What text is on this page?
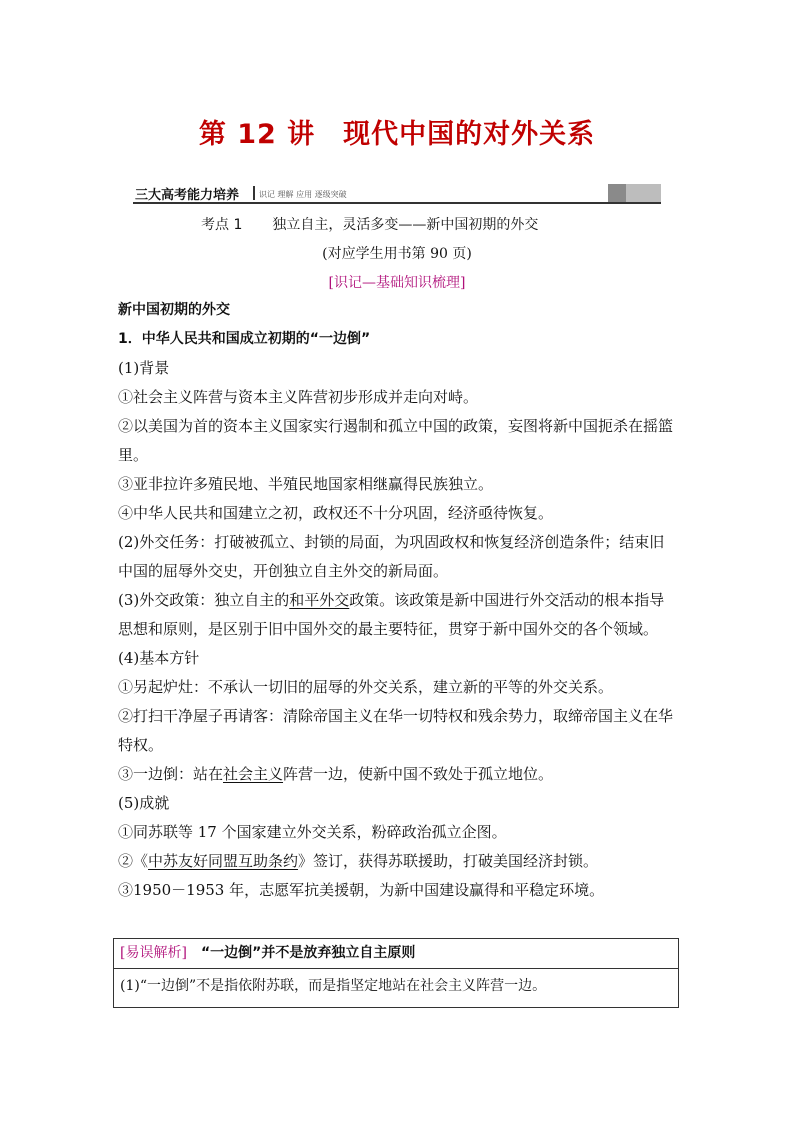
第 12 讲　现代中国的对外关系
三大高考能力培养 识记 理解 应用 逐级突破
考点 1 独立自主，灵活多变——新中国初期的外交
(对应学生用书第 90 页)
[识记—基础知识梳理]

新中国初期的外交

1．中华人民共和国成立初期的“一边倒”

(1)背景

①社会主义阵营与资本主义阵营初步形成并走向对峙。

②以美国为首的资本主义国家实行遏制和孤立中国的政策，妄图将新中国扼杀在摇篮里。

③亚非拉许多殖民地、半殖民地国家相继赢得民族独立。

④中华人民共和国建立之初，政权还不十分巩固，经济亟待恢复。

(2)外交任务：打破被孤立、封锁的局面，为巩固政权和恢复经济创造条件；结束旧中国的屈辱外交史，开创独立自主外交的新局面。

(3)外交政策：独立自主的和平外交政策。该政策是新中国进行外交活动的根本指导思想和原则，是区别于旧中国外交的最主要特征，贯穿于新中国外交的各个领域。

(4)基本方针

①另起炉灶：不承认一切旧的屈辱的外交关系，建立新的平等的外交关系。

②打扫干净屋子再请客：清除帝国主义在华一切特权和残余势力，取缔帝国主义在华特权。

③一边倒：站在社会主义阵营一边，使新中国不致处于孤立地位。

(5)成就

①同苏联等 17 个国家建立外交关系，粉碎政治孤立企图。

②《中苏友好同盟互助条约》签订，获得苏联援助，打破美国经济封锁。

③1950－1953 年，志愿军抗美援朝，为新中国建设赢得和平稳定环境。

[易误解析] “一边倒”并不是放弃独立自主原则
(1)“一边倒”不是指依附苏联，而是指坚定地站在社会主义阵营一边。
